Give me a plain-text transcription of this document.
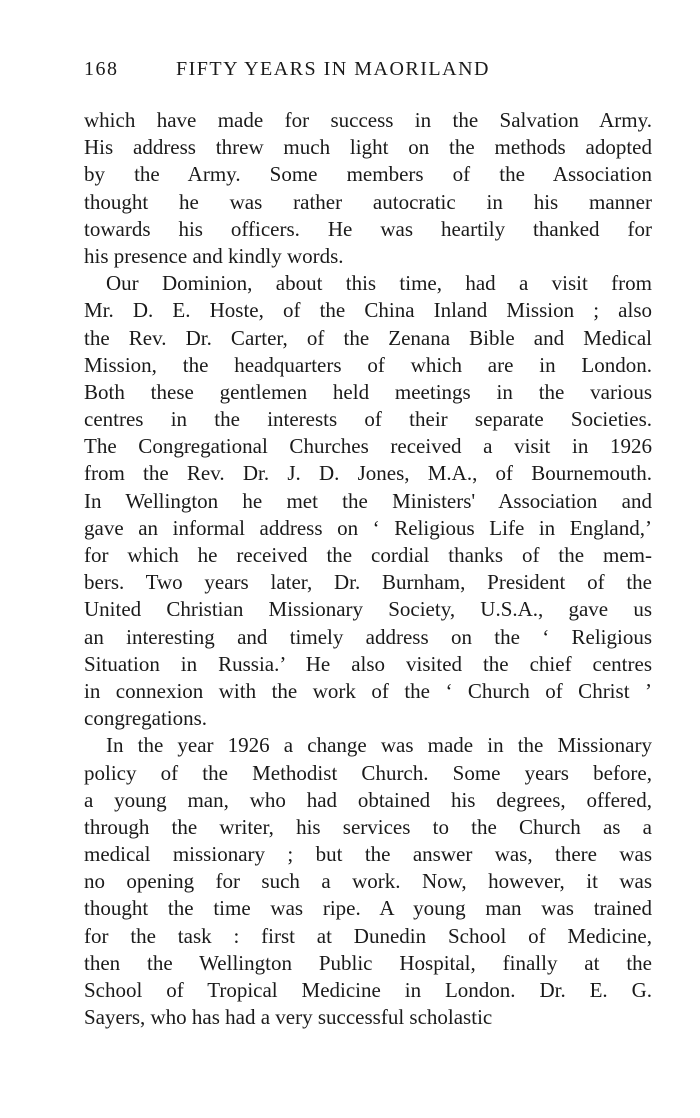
168	FIFTY YEARS IN MAORILAND
which have made for success in the Salvation Army.
His address threw much light on the methods adopted
by the Army. Some members of the Association
thought he was rather autocratic in his manner
towards his officers. He was heartily thanked for
his presence and kindly words.
Our Dominion, about this time, had a visit from
Mr. D. E. Hoste, of the China Inland Mission ; also
the Rev. Dr. Carter, of the Zenana Bible and Medical
Mission, the headquarters of which are in London.
Both these gentlemen held meetings in the various
centres in the interests of their separate Societies.
The Congregational Churches received a visit in 1926
from the Rev. Dr. J. D. Jones, M.A., of Bournemouth.
In Wellington he met the Ministers' Association and
gave an informal address on ‘ Religious Life in England,’
for which he received the cordial thanks of the mem-
bers. Two years later, Dr. Burnham, President of the
United Christian Missionary Society, U.S.A., gave us
an interesting and timely address on the ‘ Religious
Situation in Russia.’ He also visited the chief centres
in connexion with the work of the ‘ Church of Christ ’
congregations.
In the year 1926 a change was made in the Missionary
policy of the Methodist Church. Some years before,
a young man, who had obtained his degrees, offered,
through the writer, his services to the Church as a
medical missionary ; but the answer was, there was
no opening for such a work. Now, however, it was
thought the time was ripe. A young man was trained
for the task : first at Dunedin School of Medicine,
then the Wellington Public Hospital, finally at the
School of Tropical Medicine in London. Dr. E. G.
Sayers, who has had a very successful scholastic
